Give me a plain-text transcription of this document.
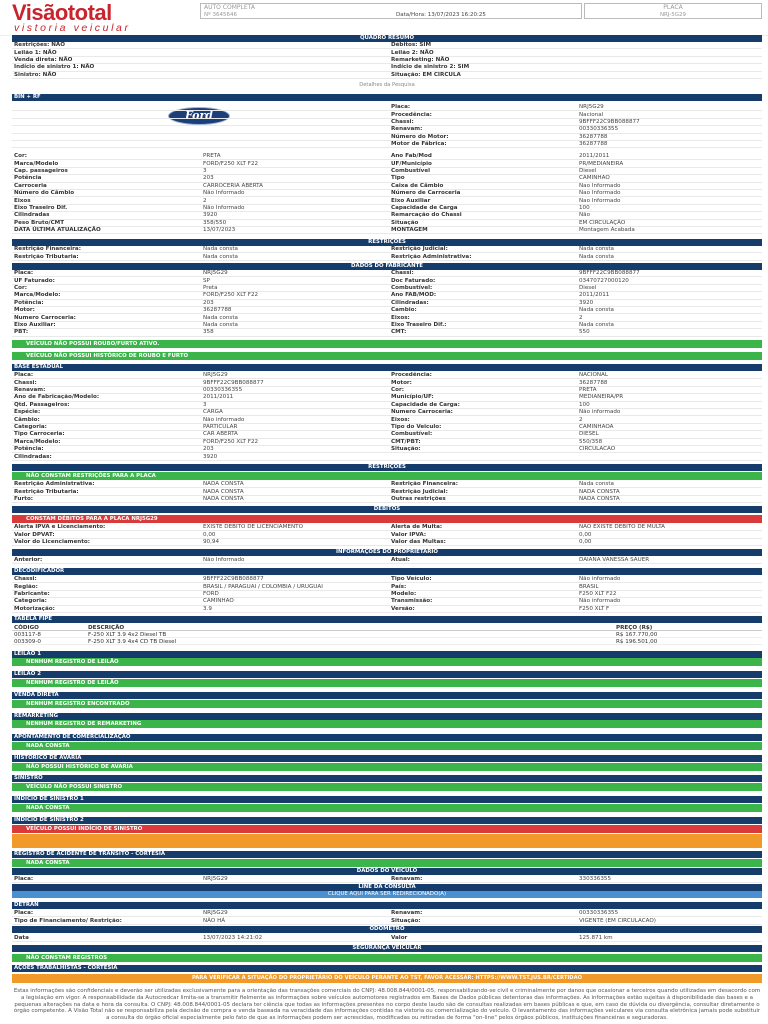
Visãototal
vistoria veicular
AUTO COMPLETA
Nº 3645646	Data/Hora: 13/07/2023 16:20:25
PLACA
NRJ-5G29
QUADRO RESUMO
Restrições: NÃO	Débitos: SIM
Leilão 1: NÃO	Leilão 2: NÃO
Venda direta: NÃO	Remarketing: NÃO
Indício de sinistro 1: NÃO	Indício de sinistro 2: SIM
Sinistro: NÃO	Situação: EM CIRCULA
Detalhes da Pesquisa
BIN + RF
Ford
Placa:	NRJ5G29
Procedência:	Nacional
Chassi:	9BFFF22C9BB088877
Renavam:	00330336355
Número do Motor:	36287788
Motor de Fábrica:	36287788
Cor:	PRETA	Ano Fab/Mod	2011/2011
Marca/Modelo	FORD/F250 XLT F22	UF/Município	PR/MEDIANEIRA
Cap. passageiros	3	Combustível	Diesel
Potência	203	Tipo	CAMINHAO
Carroceria	CARROCERIA ABERTA	Caixa de Câmbio	Nao Informado
Número do Câmbio	Não Informado	Número de Carroceria	Nao Informado
Eixos	2	Eixo Auxiliar	Nao Informado
Eixo Traseiro Dif.	Não Informado	Capacidade de Carga	100
Cilindradas	3920	Remarcação do Chassi	Não
Peso Bruto/CMT	358/550	Situação	EM CIRCULAÇÃO
DATA ÚLTIMA ATUALIZAÇÃO	13/07/2023	MONTAGEM	Montagem Acabada
RESTRIÇÕES
Restrição Financeira:	Nada consta	Restrição Judicial:	Nada consta
Restrição Tributaria:	Nada consta	Restrição Administrativa:	Nada consta
DADOS DO FABRICANTE
Placa:	NRJ5G29	Chassi:	9BFFF22C9BB088877
UF Faturado:	SP	Doc Faturado:	03470727000120
Cor:	Preta	Combustível:	Diesel
Marca/Modelo:	FORD/F250 XLT F22	Ano FAB/MOD:	2011/2011
Potência:	203	Cilindradas:	3920
Motor:	36287788	Cambio:	Nada consta
Numero Carroceria:	Nada consta	Eixos:	2
Eixo Auxiliar:	Nada consta	Eixo Traseiro Dif.:	Nada consta
PBT:	358	CMT:	550
VEÍCULO NÃO POSSUI ROUBO/FURTO ATIVO.
VEÍCULO NÃO POSSUI HISTÓRICO DE ROUBO E FURTO
BASE ESTADUAL
Placa:	NRJ5G29	Procedência:	NACIONAL
Chassi:	9BFFF22C9BB088877	Motor:	36287788
Renavam:	00330336355	Cor:	PRETA
Ano de Fabricação/Modelo:	2011/2011	Município/UF:	MEDIANEIRA/PR
Qtd. Passageiros:	3	Capacidade de Carga:	100
Espécie:	CARGA	Numero Carroceria:	Não informado
Câmbio:	Não informado	Eixos:	2
Categoria:	PARTICULAR	Tipo do Veiculo:	CAMINHAOA
Tipo Carroceria:	CAR ABERTA	Combustível:	DIESEL
Marca/Modelo:	FORD/F250 XLT F22	CMT/PBT:	550/358
Potência:	203	Situação:	CIRCULACAO
Cilindradas:	3920
RESTRIÇÕES
NÃO CONSTAM RESTRIÇÕES PARA A PLACA
Restrição Administrativa:	NADA CONSTA	Restrição Financeira:	Nada consta
Restrição Tributaria:	NADA CONSTA	Restrição Judicial:	NADA CONSTA
Furto:	NADA CONSTA	Outras restrições	NADA CONSTA
DÉBITOS
CONSTAM DÉBITOS PARA A PLACA NRJ5G29
Alerta IPVA e Licenciamento:	EXISTE DEBITO DE LICENCIAMENTO	Alerta de Multa:	NAO EXISTE DEBITO DE MULTA
Valor DPVAT:	0,00	Valor IPVA:	0,00
Valor do Licenciamento:	90,94	Valor das Multas:	0,00
INFORMAÇÕES DO PROPRIETÁRIO
Anterior:	Não Informado	Atual:	DAIANA VANESSA SAUER
DECODIFICADOR
Chassi:	9BFFF22C9BB088877	Tipo Veículo:	Não informado
Região:	BRASIL / PARAGUAI / COLOMBIA / URUGUAI	País:	BRASIL
Fabricante:	FORD	Modelo:	F250 XLT F22
Categoria:	CAMINHAO	Transmissão:	Não informado
Motorização:	3.9	Versão:	F250 XLT F
TABELA FIPE
CÓDIGO	DESCRIÇÃO	PREÇO (R$)
003117-8	F-250 XLT 3.9 4x2 Diesel TB	R$ 167.770,00
003309-0	F-250 XLT 3.9 4x4 CD TB Diesel	R$ 196.501,00
LEILÃO 1
NENHUM REGISTRO DE LEILÃO
LEILÃO 2
NENHUM REGISTRO DE LEILÃO
VENDA DIRETA
NENHUM REGISTRO ENCONTRADO
REMARKETING
NENHUM REGISTRO DE REMARKETING
APONTAMENTO DE COMERCIALIZAÇÃO
NADA CONSTA
HISTÓRICO DE AVARIA
NÃO POSSUI HISTÓRICO DE AVARIA
SINISTRO
VEÍCULO NÃO POSSUI SINISTRO
INDÍCIO DE SINISTRO 1
NADA CONSTA
INDÍCIO DE SINISTRO 2
VEÍCULO POSSUI INDÍCIO DE SINISTRO
REGISTRO DE ACIDENTE DE TRÂNSITO - CORTESIA
NADA CONSTA
DADOS DO VEÍCULO
Placa:	NRJ5G29	Renavam:	330336355
LINE DA CONSULTA
CLIQUE AQUI PARA SER REDIRECIONADO(A)
DETRAN
Placa:	NRJ5G29	Renavam:	00330336355
Tipo de Financiamento/ Restrição:	NÃO HÁ	Situação:	VIGENTE (EM CIRCULACAO)
ODÔMETRO
Data	13/07/2023 14:21:02	Valor	125.871 km
SEGURANÇA VEICULAR
NÃO CONSTAM REGISTROS
AÇÕES TRABALHISTAS - CORTESIA
PARA VERIFICAR A SITUAÇÃO DO PROPRIETÁRIO DO VEÍCULO PERANTE AO TST, FAVOR ACESSAR: HTTPS://WWW.TST.JUS.BR/CERTIDAO
Estas informações são confidenciais e deverão ser utilizadas exclusivamente para a orientação das transações comerciais do CNPJ: 48.008.844/0001-05, responsabilizando-se civil e criminalmente por danos que ocasionar a terceiros quando utilizadas em desacordo com a legislação em vigor. A responsabilidade da Autocredcar limita-se a transmitir fielmente as informações sobre veículos automotores registrados em Bases de Dados públicas detentoras das informações. As informações estão sujeitas à disponibilidade das bases e a pequenas alterações na data e hora da consulta. O CNPJ: 48.008.844/0001-05 declara ter ciência que todas as informações presentes no corpo deste laudo são de consultas realizadas em bases públicas e que, em caso de dúvida ou divergência, consultar diretamente o órgão competente. A Visão Total não se responsabiliza pela decisão de compra e venda baseada na veracidade das informações contidas na vistoria ou comercialização do veículo. O levantamento das informações veiculares via consulta eletrônica jamais pode substituir a consulta do órgão oficial especialmente pelo fato de que as informações podem ser acrescidas, modificadas ou retiradas de forma "on-line" pelos órgãos públicos, instituições financeiras e seguradoras.
